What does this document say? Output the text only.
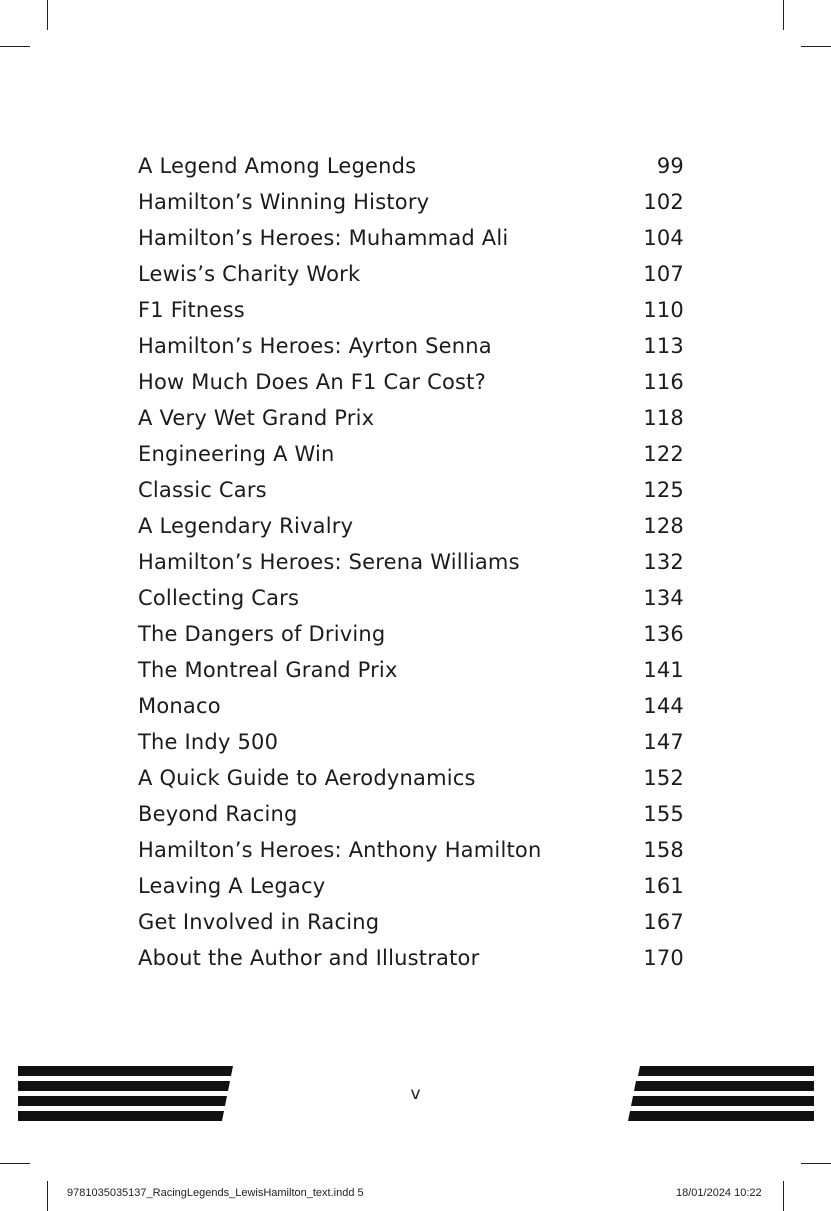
A Legend Among Legends	99
Hamilton’s Winning History	102
Hamilton’s Heroes: Muhammad Ali	104
Lewis’s Charity Work	107
F1 Fitness	110
Hamilton’s Heroes: Ayrton Senna	113
How Much Does An F1 Car Cost?	116
A Very Wet Grand Prix	118
Engineering A Win	122
Classic Cars	125
A Legendary Rivalry	128
Hamilton’s Heroes: Serena Williams	132
Collecting Cars	134
The Dangers of Driving	136
The Montreal Grand Prix	141
Monaco	144
The Indy 500	147
A Quick Guide to Aerodynamics	152
Beyond Racing	155
Hamilton’s Heroes: Anthony Hamilton	158
Leaving A Legacy	161
Get Involved in Racing	167
About the Author and Illustrator	170
v
9781035035137_RacingLegends_LewisHamilton_text.indd 5	18/01/2024 10:22
